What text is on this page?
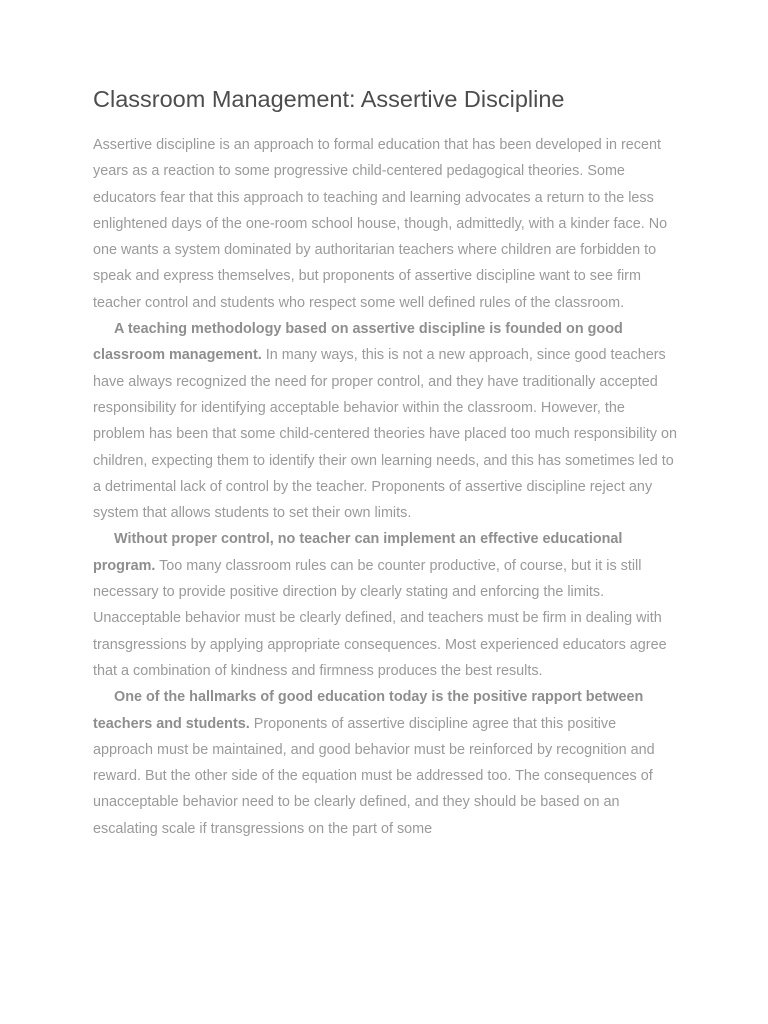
Classroom Management: Assertive Discipline

Assertive discipline is an approach to formal education that has been developed in recent years as a reaction to some progressive child-centered pedagogical theories. Some educators fear that this approach to teaching and learning advocates a return to the less enlightened days of the one-room school house, though, admittedly, with a kinder face. No one wants a system dominated by authoritarian teachers where children are forbidden to speak and express themselves, but proponents of assertive discipline want to see firm teacher control and students who respect some well defined rules of the classroom.

A teaching methodology based on assertive discipline is founded on good classroom management. In many ways, this is not a new approach, since good teachers have always recognized the need for proper control, and they have traditionally accepted responsibility for identifying acceptable behavior within the classroom. However, the problem has been that some child-centered theories have placed too much responsibility on children, expecting them to identify their own learning needs, and this has sometimes led to a detrimental lack of control by the teacher. Proponents of assertive discipline reject any system that allows students to set their own limits.

Without proper control, no teacher can implement an effective educational program. Too many classroom rules can be counter productive, of course, but it is still necessary to provide positive direction by clearly stating and enforcing the limits. Unacceptable behavior must be clearly defined, and teachers must be firm in dealing with transgressions by applying appropriate consequences. Most experienced educators agree that a combination of kindness and firmness produces the best results.

One of the hallmarks of good education today is the positive rapport between teachers and students. Proponents of assertive discipline agree that this positive approach must be maintained, and good behavior must be reinforced by recognition and reward. But the other side of the equation must be addressed too. The consequences of unacceptable behavior need to be clearly defined, and they should be based on an escalating scale if transgressions on the part of some
